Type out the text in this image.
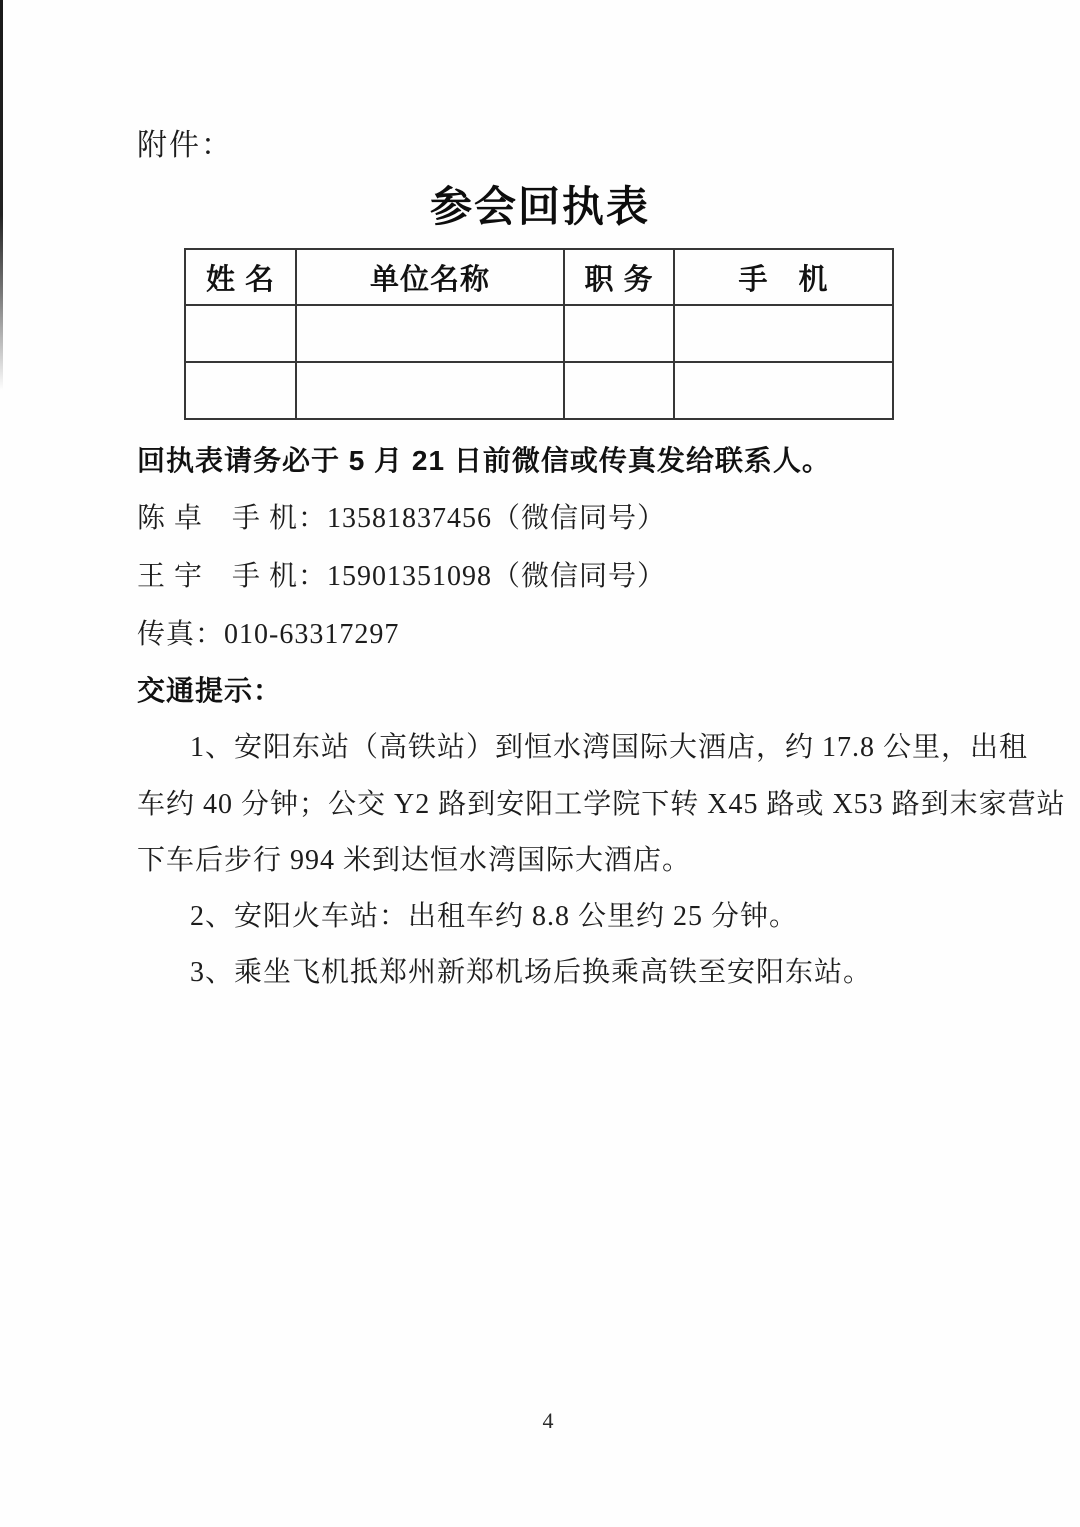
附件：
参会回执表
姓 名	单位名称	职 务	手　机

回执表请务必于 5 月 21 日前微信或传真发给联系人。
陈 卓　手 机：13581837456（微信同号）
王 宇　手 机：15901351098（微信同号）
传真：010-63317297
交通提示：
1、安阳东站（高铁站）到恒水湾国际大酒店，约 17.8 公里，出租
车约 40 分钟；公交 Y2 路到安阳工学院下转 X45 路或 X53 路到末家营站
下车后步行 994 米到达恒水湾国际大酒店。
2、安阳火车站：出租车约 8.8 公里约 25 分钟。
3、乘坐飞机抵郑州新郑机场后换乘高铁至安阳东站。
4
